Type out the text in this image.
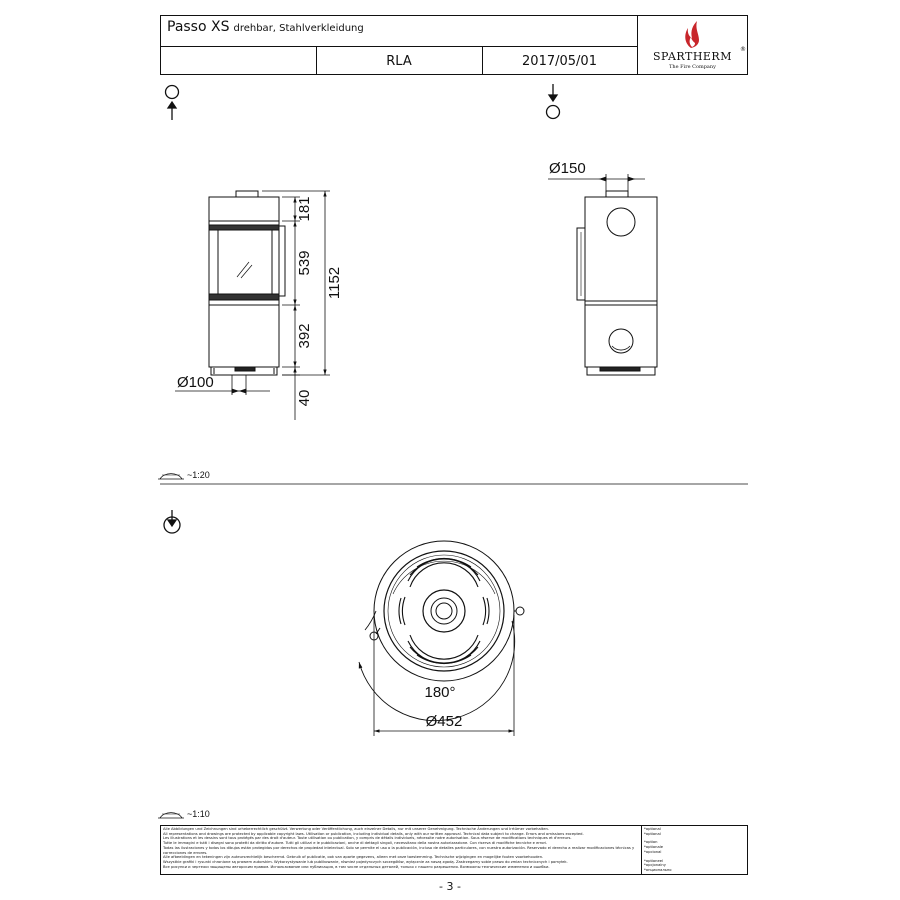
Passo XS drehbar, Stahlverkleidung
RLA	2017/05/01	SPARTHERM
®
The Fire Company
181
539
392
1152
40
Ø100
Ø150
~1:20
180°
Ø452
~1:10
Alle Abbildungen und Zeichnungen sind urheberrechtlich geschützt. Verwertung oder Veröffentlichung, auch einzelner Details, nur mit unserer Genehmigung. Technische Änderungen und Irrtümer vorbehalten.
All representations and drawings are protected by applicable copyright laws. Utilisation or publication, including individual details, only with our written approval. Technical data subject to change. Errors and omissions excepted.
Les illustrations et les dessins sont tous protégés par des droit d'auteur. Toute utilisation ou publication, y compris de détails individuels, nécessite notre autorisation. Sous réserve de modifications techniques et d'erreurs.
Tutte le immagini e tutti i disegni sono protetti da diritto d'autore. Tutti gli utilizzi e le pubblicazioni, anche di dettagli singoli, necessitano della nostra autorizzazione. Con riserva di modifiche tecniche e errori.
Todas las ilustraciones y todos los dibujos están protegidos por derechos de propiedad intelectual. Solo se permite el uso o la publicación, incluso de detalles particulares, con nuestra autorización. Reservado el derecho a realizar modificaciones técnicas y correcciones de errores.
Alle afbeeldingen en tekeningen zijn auteursrechtelijk beschermd. Gebruik of publicatie, ook van aparte gegevens, alleen met onze toestemming. Technische wijzigingen en mogelijke fouten voorbehouden.
Wszystkie grafiki i rysunki chronione są prawem autorskim. Wykorzystywanie lub publikowanie, również pojedynczych szczegółów, wyłącznie za naszą zgodą. Zastrzegamy sobie prawo do zmian technicznych i pomyłek.
Все рисунки и чертежи защищены авторским правом. Использование или публикация, в том числе отдельных деталей, только с нашего разрешения. Возможны технические изменения и ошибки.
*optional
*optional
*option
*optionale
*opcional
*optioneel
*opcjonalny
*опционально
- 3 -
